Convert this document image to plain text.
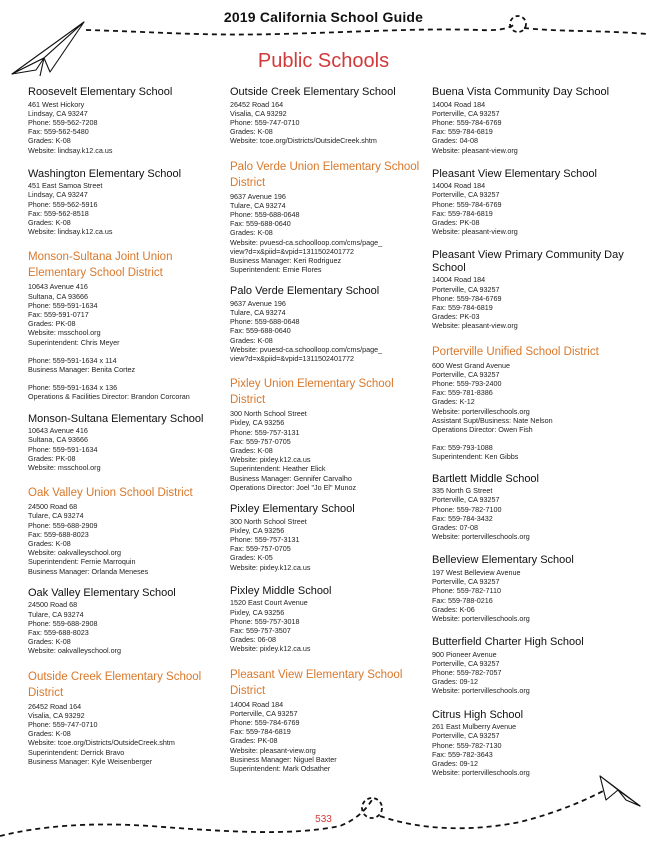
2019 California School Guide
Public Schools
Roosevelt Elementary School
461 West Hickory
Lindsay, CA 93247
Phone: 559-562-7208
Fax: 559-562-5480
Grades: K-08
Website: lindsay.k12.ca.us
Washington Elementary School
451 East Samoa Street
Lindsay, CA 93247
Phone: 559-562-5916
Fax: 559-562-8518
Grades: K-08
Website: lindsay.k12.ca.us
Monson-Sultana Joint Union Elementary School District
10643 Avenue 416
Sultana, CA 93666
Phone: 559-591-1634
Fax: 559-591-0717
Grades: PK-08
Website: msschool.org
Superintendent: Chris Meyer
Phone: 559-591-1634 x 114
Business Manager: Benita Cortez
Phone: 559-591-1634 x 136
Operations & Facilities Director: Brandon Corcoran
Monson-Sultana Elementary School
10643 Avenue 416
Sultana, CA 93666
Phone: 559-591-1634
Grades: PK-08
Website: msschool.org
Oak Valley Union School District
24500 Road 68
Tulare, CA 93274
Phone: 559-688-2909
Fax: 559-688-8023
Grades: K-08
Website: oakvalleyschool.org
Superintendent: Fernie Marroquin
Business Manager: Orlanda Meneses
Oak Valley Elementary School
24500 Road 68
Tulare, CA 93274
Phone: 559-688-2908
Fax: 559-688-8023
Grades: K-08
Website: oakvalleyschool.org
Outside Creek Elementary School District
26452 Road 164
Visalia, CA 93292
Phone: 559-747-0710
Grades: K-08
Website: tcoe.org/Districts/OutsideCreek.shtm
Superintendent: Derrick Bravo
Business Manager: Kyle Weisenberger
Outside Creek Elementary School
26452 Road 164
Visalia, CA 93292
Phone: 559-747-0710
Grades: K-08
Website: tcoe.org/Districts/OutsideCreek.shtm
Palo Verde Union Elementary School District
9637 Avenue 196
Tulare, CA 93274
Phone: 559-688-0648
Fax: 559-688-0640
Grades: K-08
Website: pvuesd-ca.schoolloop.com/cms/page_
view?d=x&piid=&vpid=1311502401772
Business Manager: Keri Rodriguez
Superintendent: Ernie Flores
Palo Verde Elementary School
9637 Avenue 196
Tulare, CA 93274
Phone: 559-688-0648
Fax: 559-688-0640
Grades: K-08
Website: pvuesd-ca.schoolloop.com/cms/page_
view?d=x&piid=&vpid=1311502401772
Pixley Union Elementary School District
300 North School Street
Pixley, CA 93256
Phone: 559-757-3131
Fax: 559-757-0705
Grades: K-08
Website: pixley.k12.ca.us
Superintendent: Heather Elick
Business Manager: Gennifer Carvalho
Operations Director: Joel "Jo El" Munoz
Pixley Elementary School
300 North School Street
Pixley, CA 93256
Phone: 559-757-3131
Fax: 559-757-0705
Grades: K-05
Website: pixley.k12.ca.us
Pixley Middle School
1520 East Court Avenue
Pixley, CA 93256
Phone: 559-757-3018
Fax: 559-757-3507
Grades: 06-08
Website: pixley.k12.ca.us
Pleasant View Elementary School District
14004 Road 184
Porterville, CA 93257
Phone: 559-784-6769
Fax: 559-784-6819
Grades: PK-08
Website: pleasant-view.org
Business Manager: Niguel Baxter
Superintendent: Mark Odsather
Buena Vista Community Day School
14004 Road 184
Porterville, CA 93257
Phone: 559-784-6769
Fax: 559-784-6819
Grades: 04-08
Website: pleasant-view.org
Pleasant View Elementary School
14004 Road 184
Porterville, CA 93257
Phone: 559-784-6769
Fax: 559-784-6819
Grades: PK-08
Website: pleasant-view.org
Pleasant View Primary Community Day School
14004 Road 184
Porterville, CA 93257
Phone: 559-784-6769
Fax: 559-784-6819
Grades: PK-03
Website: pleasant-view.org
Porterville Unified School District
600 West Grand Avenue
Porterville, CA 93257
Phone: 559-793-2400
Fax: 559-781-8386
Grades: K-12
Website: portervilleschools.org
Assistant Supt/Business: Nate Nelson
Operations Director: Owen Fish
Fax: 559-793-1088
Superintendent: Ken Gibbs
Bartlett Middle School
335 North G Street
Porterville, CA 93257
Phone: 559-782-7100
Fax: 559-784-3432
Grades: 07-08
Website: portervilleschools.org
Belleview Elementary School
197 West Belleview Avenue
Porterville, CA 93257
Phone: 559-782-7110
Fax: 559-788-0216
Grades: K-06
Website: portervilleschools.org
Butterfield Charter High School
900 Pioneer Avenue
Porterville, CA 93257
Phone: 559-782-7057
Grades: 09-12
Website: portervilleschools.org
Citrus High School
261 East Mulberry Avenue
Porterville, CA 93257
Phone: 559-782-7130
Fax: 559-782-3643
Grades: 09-12
Website: portervilleschools.org
533
